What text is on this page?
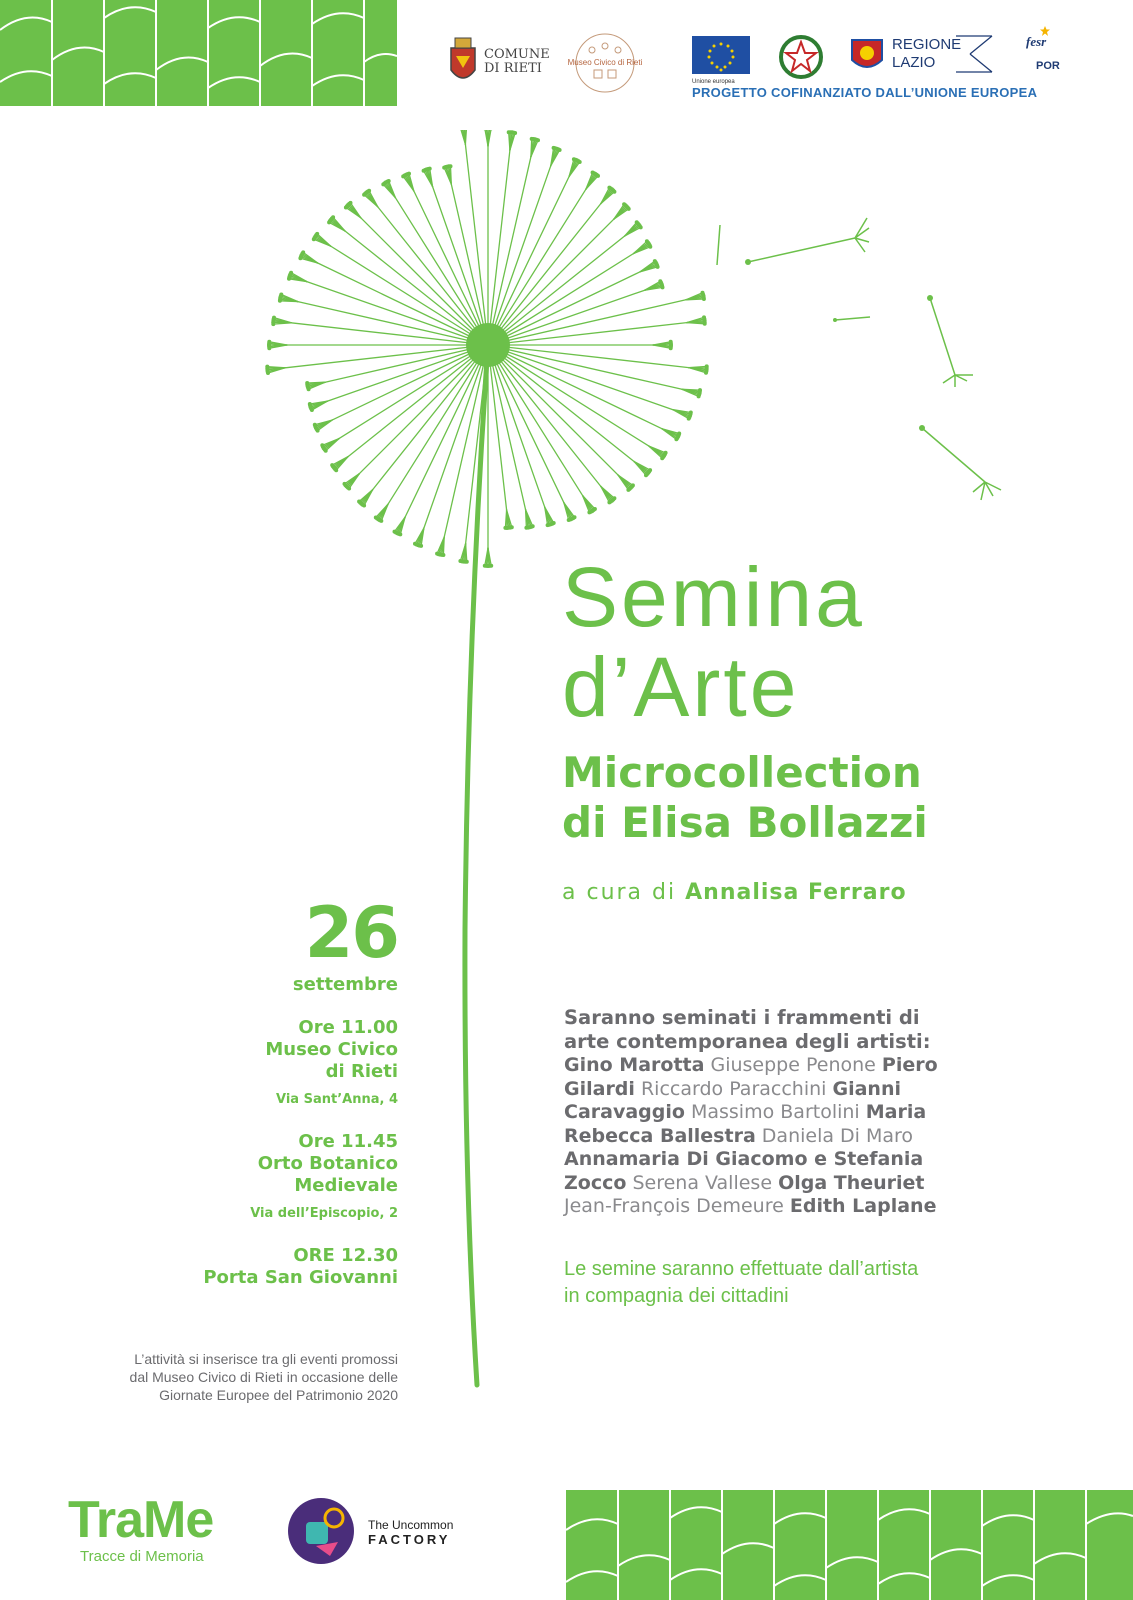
COMUNE
DI RIETI	Museo Civico di Rieti
Unione europea
REGIONE
LAZIO
fesr
POR
PROGETTO COFINANZIATO DALL’UNIONE EUROPEA
Semina
d’Arte
Microcollection
di Elisa Bollazzi
a cura di Annalisa Ferraro
26
settembre
Ore 11.00
Museo Civico
di Rieti
Via Sant’Anna, 4
Ore 11.45
Orto Botanico
Medievale
Via dell’Episcopio, 2
ORE 12.30
Porta San Giovanni
L’attività si inserisce tra gli eventi promossi
dal Museo Civico di Rieti in occasione delle
Giornate Europee del Patrimonio 2020
Saranno seminati i frammenti di
arte contemporanea degli artisti:
Gino Marotta Giuseppe Penone Piero
Gilardi Riccardo Paracchini Gianni
Caravaggio Massimo Bartolini Maria
Rebecca Ballestra Daniela Di Maro
Annamaria Di Giacomo e Stefania
Zocco Serena Vallese Olga Theuriet
Jean-François Demeure Edith Laplane
Le semine saranno effettuate dall’artista
in compagnia dei cittadini
TraMe
Tracce di Memoria
The Uncommon
FACTORY
